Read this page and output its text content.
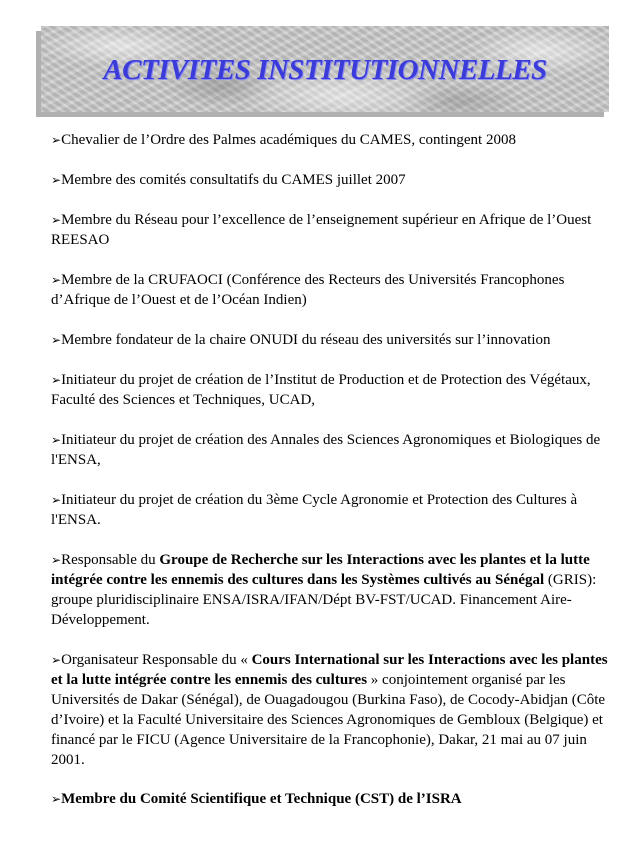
ACTIVITES INSTITUTIONNELLES
➢Chevalier de l’Ordre des Palmes académiques du CAMES, contingent 2008
➢Membre des comités consultatifs du CAMES juillet 2007
➢Membre du Réseau pour l’excellence de l’enseignement supérieur en Afrique de l’Ouest REESAO
➢Membre de la CRUFAOCI (Conférence des Recteurs des Universités Francophones d’Afrique de l’Ouest et de l’Océan Indien)
➢Membre fondateur de la chaire ONUDI du réseau des universités sur l’innovation
➢Initiateur du projet de création de l’Institut de Production et de Protection des Végétaux, Faculté des Sciences et Techniques, UCAD,
➢Initiateur du projet de création des Annales des Sciences Agronomiques et Biologiques de l'ENSA,
➢Initiateur du projet de création du 3ème Cycle Agronomie et Protection des Cultures à l'ENSA.
➢Responsable du Groupe de Recherche sur les Interactions avec les plantes et la lutte intégrée contre les ennemis des cultures dans les Systèmes cultivés au Sénégal (GRIS): groupe pluridisciplinaire ENSA/ISRA/IFAN/Dépt BV-FST/UCAD. Financement Aire-Développement.
➢Organisateur Responsable du « Cours International sur les Interactions avec les plantes et la lutte intégrée contre les ennemis des cultures » conjointement organisé par les Universités de Dakar (Sénégal), de Ouagadougou (Burkina Faso), de Cocody-Abidjan (Côte d’Ivoire) et la Faculté Universitaire des Sciences Agronomiques de Gembloux (Belgique) et financé par le FICU (Agence Universitaire de la Francophonie), Dakar, 21 mai au 07 juin 2001.
➢Membre du Comité Scientifique et Technique (CST) de l’ISRA
